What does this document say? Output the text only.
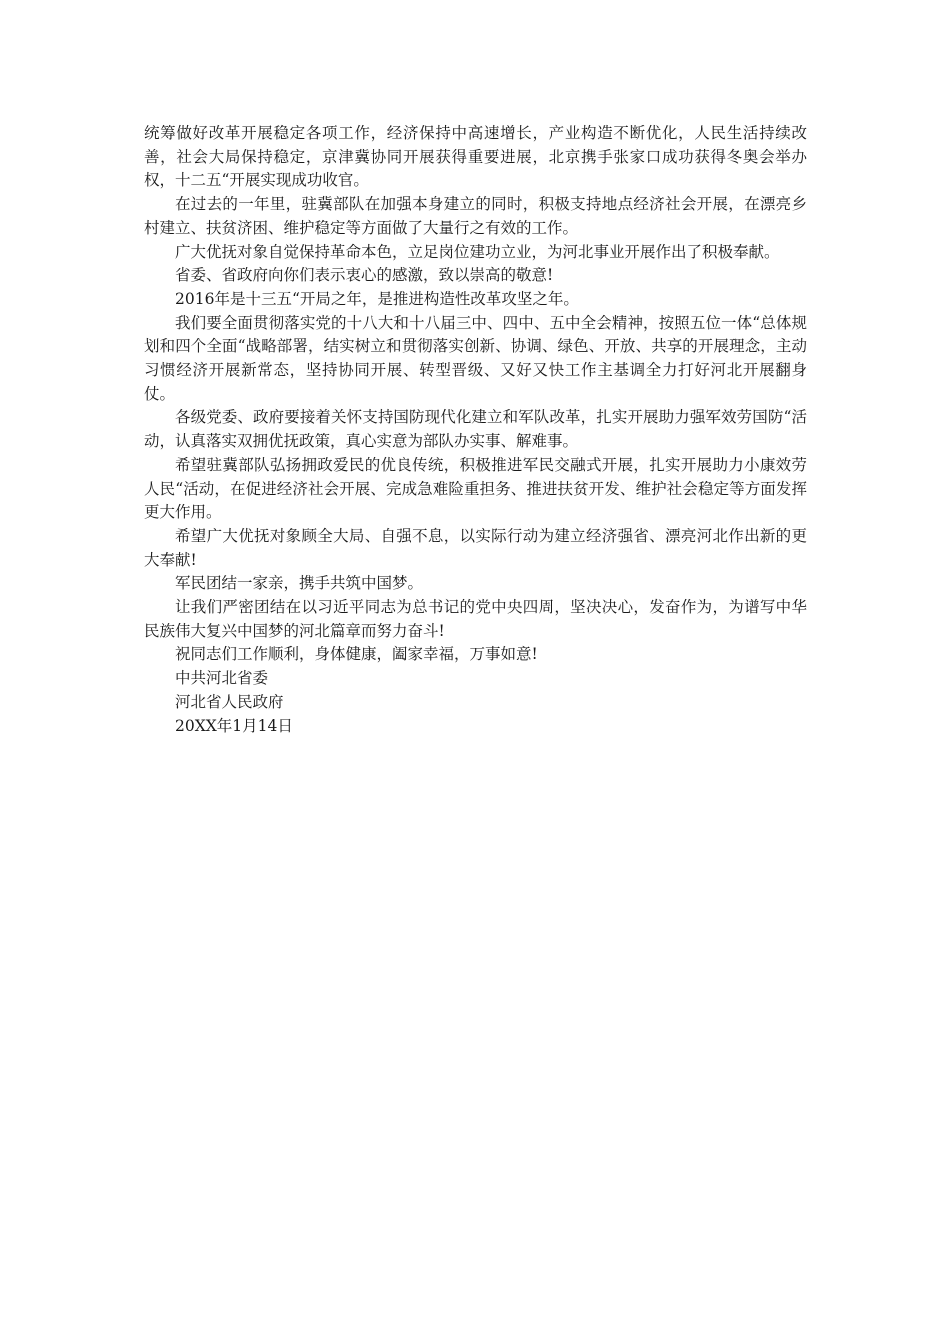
统筹做好改革开展稳定各项工作，经济保持中高速增长，产业构造不断优化，人民生活持续改善，社会大局保持稳定，京津冀协同开展获得重要进展，北京携手张家口成功获得冬奥会举办权，十二五“开展实现成功收官。

在过去的一年里，驻冀部队在加强本身建立的同时，积极支持地点经济社会开展，在漂亮乡村建立、扶贫济困、维护稳定等方面做了大量行之有效的工作。

广大优抚对象自觉保持革命本色，立足岗位建功立业，为河北事业开展作出了积极奉献。

省委、省政府向你们表示衷心的感激，致以崇高的敬意!

2016年是十三五“开局之年，是推进构造性改革攻坚之年。

我们要全面贯彻落实党的十八大和十八届三中、四中、五中全会精神，按照五位一体“总体规划和四个全面“战略部署，结实树立和贯彻落实创新、协调、绿色、开放、共享的开展理念，主动习惯经济开展新常态，坚持协同开展、转型晋级、又好又快工作主基调全力打好河北开展翻身仗。

各级党委、政府要接着关怀支持国防现代化建立和军队改革，扎实开展助力强军效劳国防“活动，认真落实双拥优抚政策，真心实意为部队办实事、解难事。

希望驻冀部队弘扬拥政爱民的优良传统，积极推进军民交融式开展，扎实开展助力小康效劳人民“活动，在促进经济社会开展、完成急难险重担务、推进扶贫开发、维护社会稳定等方面发挥更大作用。

希望广大优抚对象顾全大局、自强不息，以实际行动为建立经济强省、漂亮河北作出新的更大奉献!

军民团结一家亲，携手共筑中国梦。

让我们严密团结在以习近平同志为总书记的党中央四周，坚决决心，发奋作为，为谱写中华民族伟大复兴中国梦的河北篇章而努力奋斗!

祝同志们工作顺利，身体健康，阖家幸福，万事如意!

中共河北省委

河北省人民政府

20XX年1月14日
